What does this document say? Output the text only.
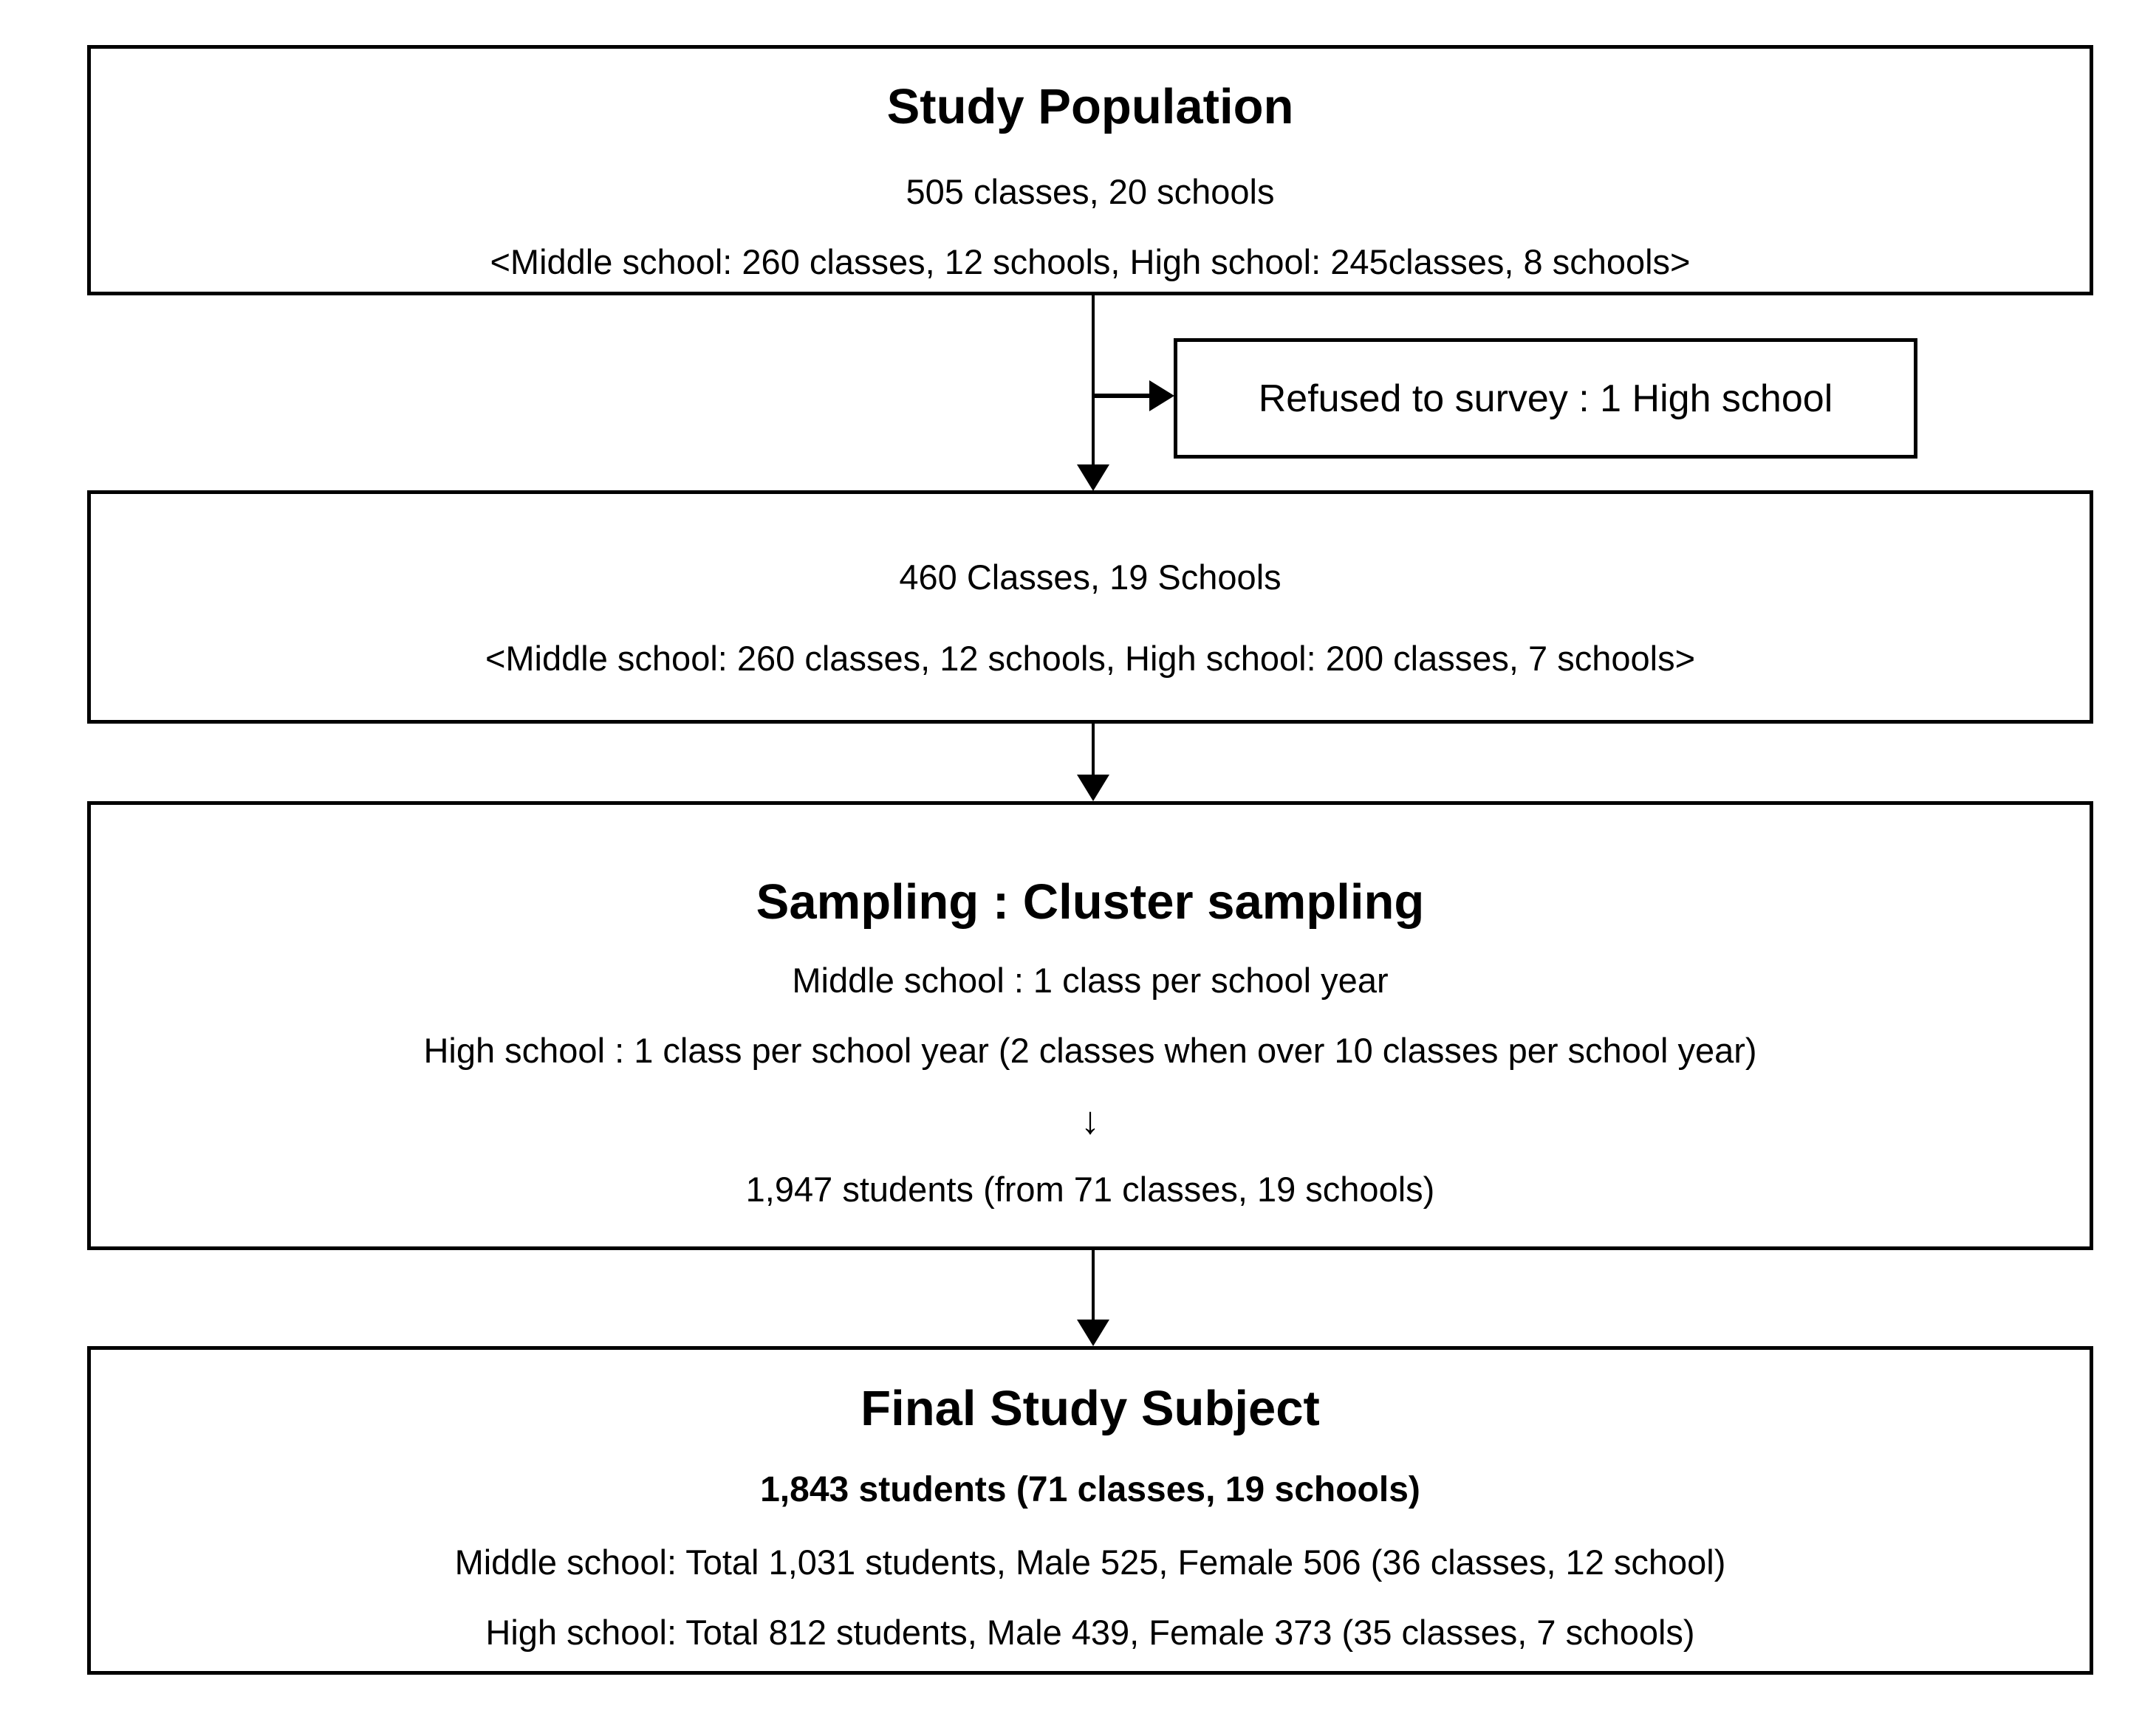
Study Population
505 classes, 20 schools
<Middle school: 260 classes, 12 schools, High school: 245classes, 8 schools>
Refused to survey : 1 High school
460 Classes, 19 Schools
<Middle school: 260 classes, 12 schools, High school: 200 classes, 7 schools>
Sampling : Cluster sampling
Middle school : 1 class per school year
High school : 1 class per school year (2 classes when over 10 classes per school year)
↓
1,947 students (from 71 classes, 19 schools)
Final Study Subject
1,843 students (71 classes, 19 schools)
Middle school: Total 1,031 students, Male 525, Female 506 (36 classes, 12 school)
High school: Total 812 students, Male 439, Female 373 (35 classes, 7 schools)
